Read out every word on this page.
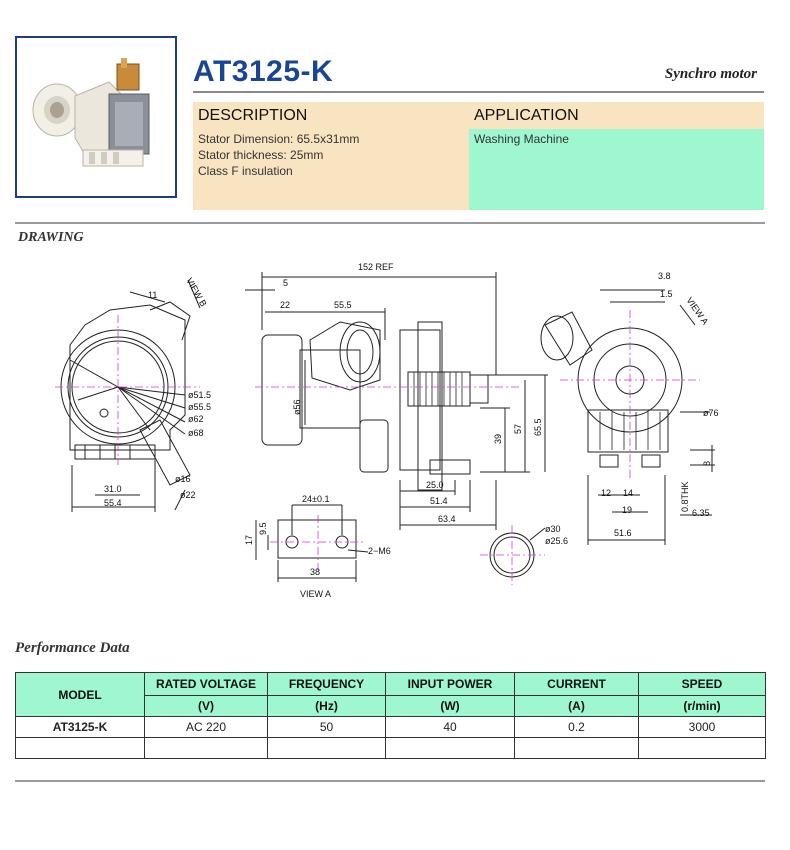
AT3125-K	Synchro motor
DESCRIPTION
Stator Dimension: 65.5x31mm
Stator thickness: 25mm
Class F insulation
APPLICATION
Washing Machine
DRAWING
11	VIEW B
ø51.5
ø55.5
ø62
ø68
31.0
55.4
ø16
ø22
152 REF
5
22	55.5
ø56
39
57 65.5
25.0
51.4
63.4
24±0.1
9.5
17
38
2−M6
VIEW A
ø30
ø25.6
3.8
1.5
VIEW A
ø76
8
12 14
19	0.8THK
6.35
51.6
Performance Data
MODEL	RATED VOLTAGE	FREQUENCY	INPUT POWER	CURRENT	SPEED
	(V)	(Hz)	(W)	(A)	(r/min)
AT3125-K	AC 220	50	40	0.2	3000
